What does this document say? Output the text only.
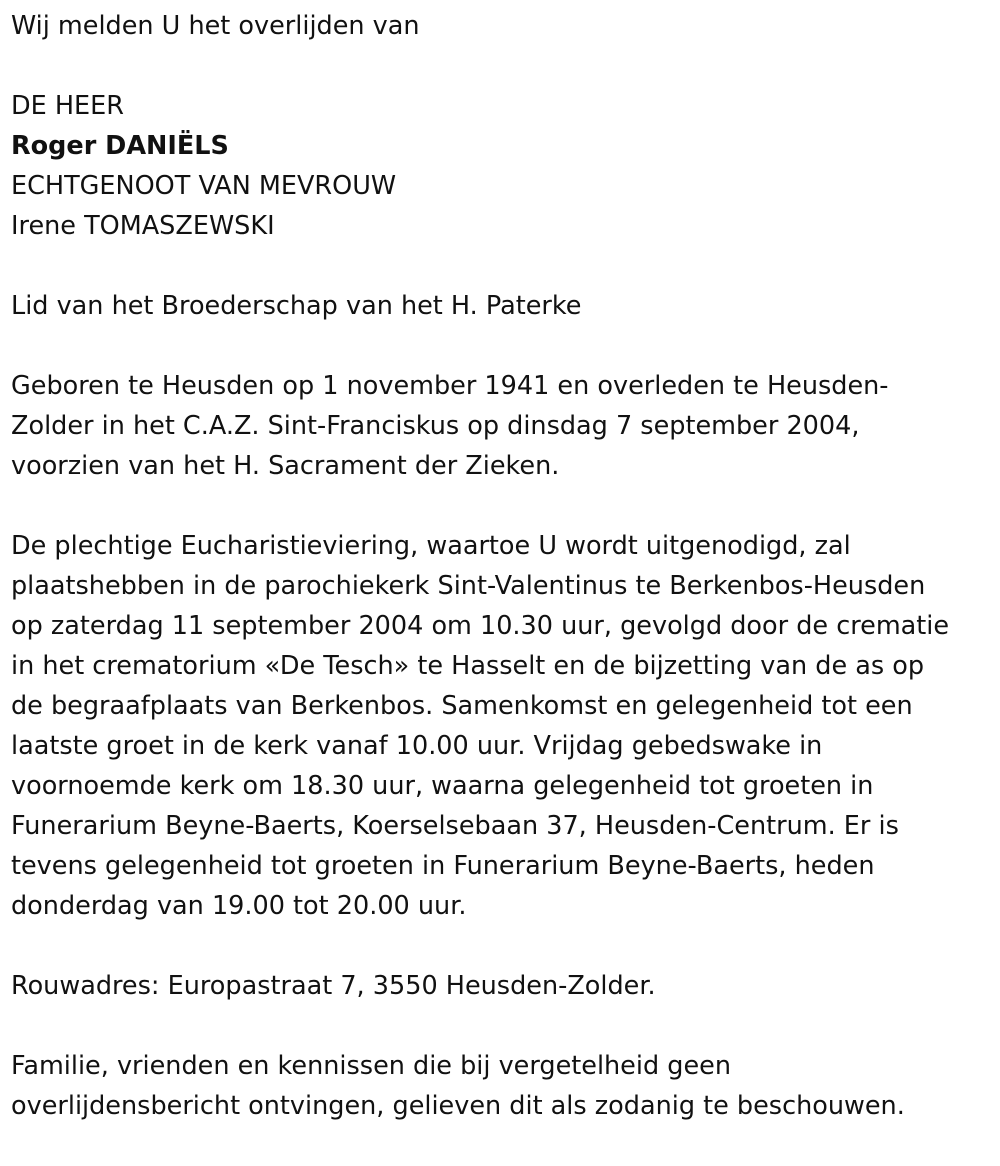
Wij melden U het overlijden van

DE HEER

Roger DANIËLS

ECHTGENOOT VAN MEVROUW

Irene TOMASZEWSKI

Lid van het Broederschap van het H. Paterke

Geboren te Heusden op 1 november 1941 en overleden te Heusden-

Zolder in het C.A.Z. Sint-Franciskus op dinsdag 7 september 2004,

voorzien van het H. Sacrament der Zieken.

De plechtige Eucharistieviering, waartoe U wordt uitgenodigd, zal

plaatshebben in de parochiekerk Sint-Valentinus te Berkenbos-Heusden

op zaterdag 11 september 2004 om 10.30 uur, gevolgd door de crematie

in het crematorium «De Tesch» te Hasselt en de bijzetting van de as op

de begraafplaats van Berkenbos. Samenkomst en gelegenheid tot een

laatste groet in de kerk vanaf 10.00 uur. Vrijdag gebedswake in

voornoemde kerk om 18.30 uur, waarna gelegenheid tot groeten in

Funerarium Beyne-Baerts, Koerselsebaan 37, Heusden-Centrum. Er is

tevens gelegenheid tot groeten in Funerarium Beyne-Baerts, heden

donderdag van 19.00 tot 20.00 uur.

Rouwadres: Europastraat 7, 3550 Heusden-Zolder.

Familie, vrienden en kennissen die bij vergetelheid geen

overlijdensbericht ontvingen, gelieven dit als zodanig te beschouwen.
